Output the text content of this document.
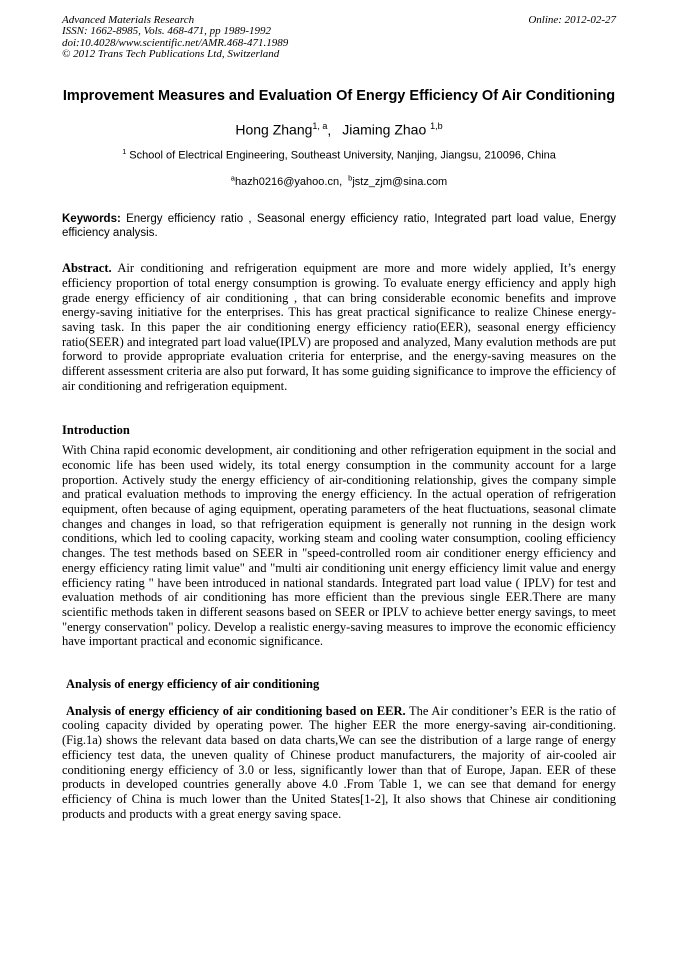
Advanced Materials Research
ISSN: 1662-8985, Vols. 468-471, pp 1989-1992
doi:10.4028/www.scientific.net/AMR.468-471.1989
© 2012 Trans Tech Publications Ltd, Switzerland
Online: 2012-02-27
Improvement Measures and Evaluation Of Energy Efficiency Of Air Conditioning
Hong Zhang$^{1, a}$, Jiaming Zhao $^{1,b}$
$^1$ School of Electrical Engineering, Southeast University, Nanjing, Jiangsu, 210096, China
$^a$hazh0216@yahoo.cn, $^b$jstz_zjm@sina.com
Keywords: Energy efficiency ratio , Seasonal energy efficiency ratio, Integrated part load value, Energy efficiency analysis.
Abstract. Air conditioning and refrigeration equipment are more and more widely applied, It’s energy efficiency proportion of total energy consumption is growing. To evaluate energy efficiency and apply high grade energy efficiency of air conditioning , that can bring considerable economic benefits and improve energy-saving initiative for the enterprises. This has great practical significance to realize Chinese energy-saving task. In this paper the air conditioning energy efficiency ratio(EER), seasonal energy efficiency ratio(SEER) and integrated part load value(IPLV) are proposed and analyzed, Many evalution methods are put forword to provide appropriate evaluation criteria for enterprise, and the energy-saving measures on the different assessment criteria are also put forward, It has some guiding significance to improve the efficiency of air conditioning and refrigeration equipment.
Introduction
With China rapid economic development, air conditioning and other refrigeration equipment in the social and economic life has been used widely, its total energy consumption in the community account for a large proportion. Actively study the energy efficiency of air-conditioning relationship, gives the company simple and pratical evaluation methods to improving the energy efficiency. In the actual operation of refrigeration equipment, often because of aging equipment, operating parameters of the heat fluctuations, seasonal climate changes and changes in load, so that refrigeration equipment is generally not running in the design work conditions, which led to cooling capacity, working steam and cooling water consumption, cooling efficiency changes. The test methods based on SEER in "speed-controlled room air conditioner energy efficiency and energy efficiency rating limit value" and "multi air conditioning unit energy efficiency limit value and energy efficiency rating " have been introduced in national standards. Integrated part load value ( IPLV) for test and evaluation methods of air conditioning has more efficient than the previous single EER.There are many scientific methods taken in different seasons based on SEER or IPLV to achieve better energy savings, to meet "energy conservation" policy. Develop a realistic energy-saving measures to improve the economic efficiency have important practical and economic significance.
Analysis of energy efficiency of air conditioning
Analysis of energy efficiency of air conditioning based on EER. The Air conditioner’s EER is the ratio of cooling capacity divided by operating power. The higher EER the more energy-saving air-conditioning. (Fig.1a) shows the relevant data based on data charts,We can see the distribution of a large range of energy efficiency test data, the uneven quality of Chinese product manufacturers, the majority of air-cooled air conditioning energy efficiency of 3.0 or less, significantly lower than that of Europe, Japan. EER of these products in developed countries generally above 4.0 .From Table 1, we can see that demand for energy efficiency of China is much lower than the United States[1-2], It also shows that Chinese air conditioning products and products with a great energy saving space.
